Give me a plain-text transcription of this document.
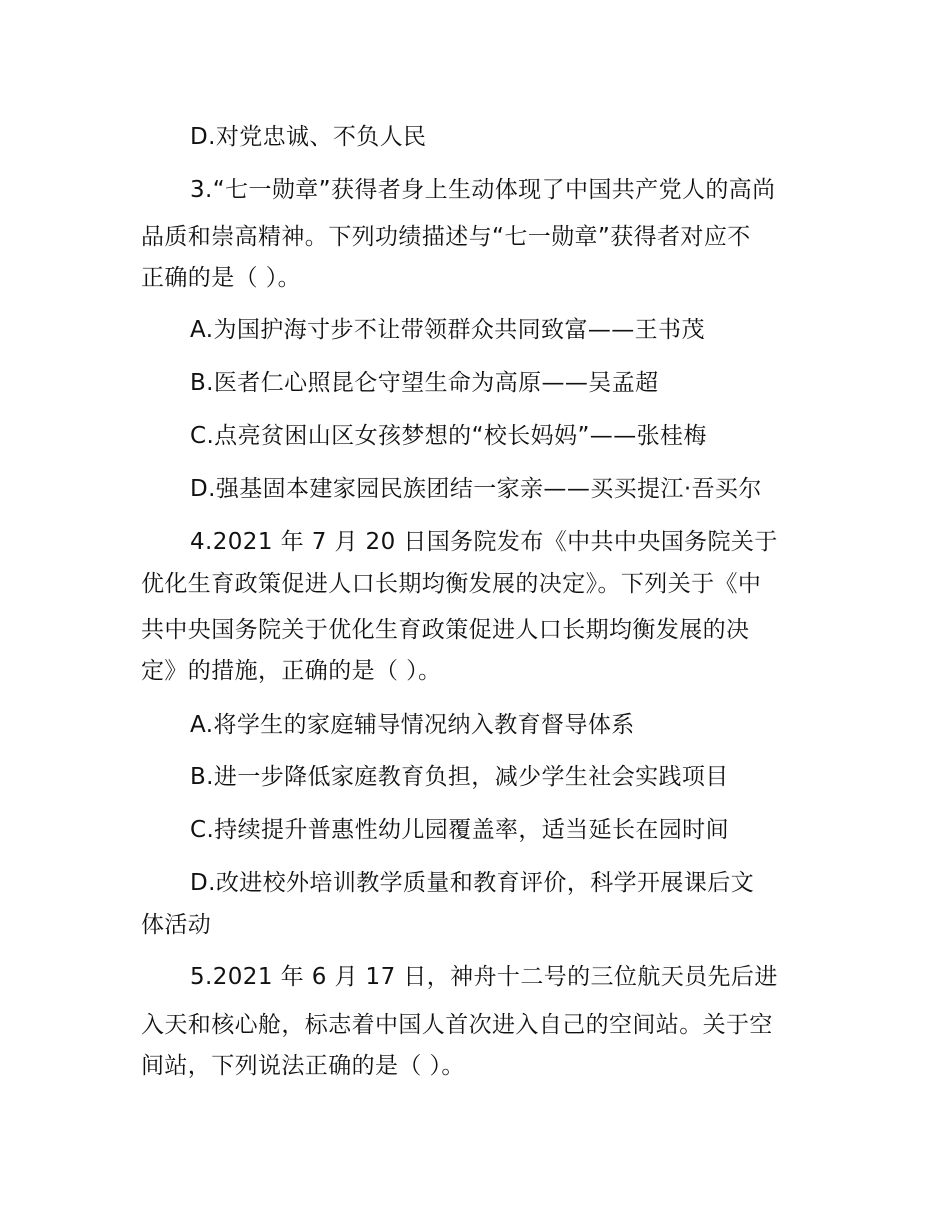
D.对党忠诚、不负人民
3.“七一勋章”获得者身上生动体现了中国共产党人的高尚
品质和崇高精神。下列功绩描述与“七一勋章”获得者对应不
正确的是（ ）。
A.为国护海寸步不让带领群众共同致富——王书茂
B.医者仁心照昆仑守望生命为高原——吴孟超
C.点亮贫困山区女孩梦想的“校长妈妈”——张桂梅
D.强基固本建家园民族团结一家亲——买买提江·吾买尔
4.2021 年 7 月 20 日国务院发布《中共中央国务院关于
优化生育政策促进人口长期均衡发展的决定》。下列关于《中
共中央国务院关于优化生育政策促进人口长期均衡发展的决
定》的措施，正确的是（ ）。
A.将学生的家庭辅导情况纳入教育督导体系
B.进一步降低家庭教育负担，减少学生社会实践项目
C.持续提升普惠性幼儿园覆盖率，适当延长在园时间
D.改进校外培训教学质量和教育评价，科学开展课后文
体活动
5.2021 年 6 月 17 日，神舟十二号的三位航天员先后进
入天和核心舱，标志着中国人首次进入自己的空间站。关于空
间站，下列说法正确的是（ ）。
